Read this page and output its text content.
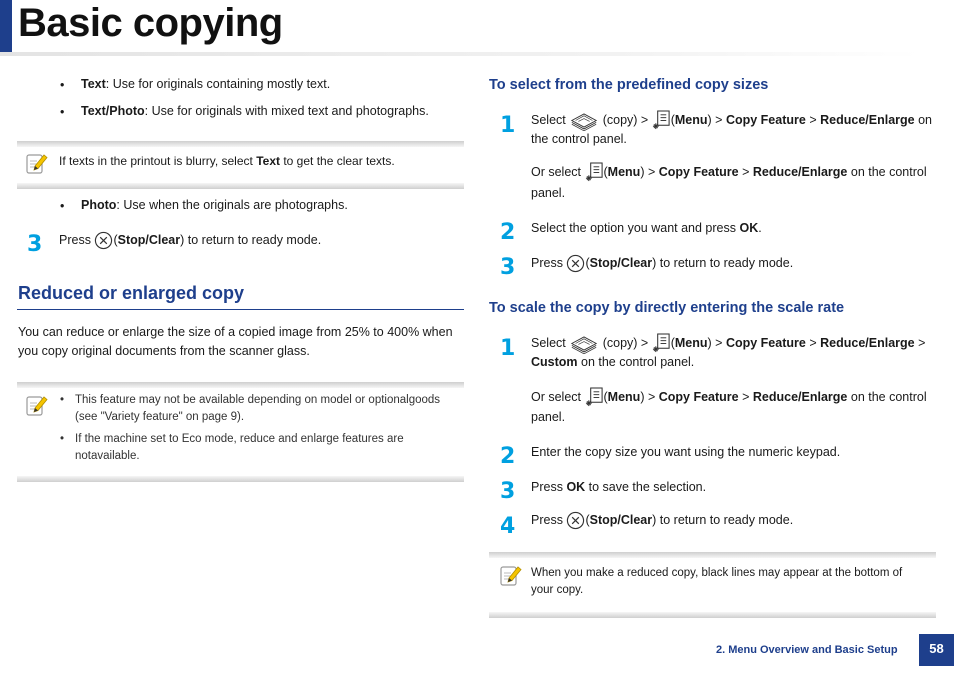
Basic copying
• Text: Use for originals containing mostly text.
• Text/Photo: Use for originals with mixed text and photographs.
If texts in the printout is blurry, select Text to get the clear texts.
• Photo: Use when the originals are photographs.
3 Press (Stop/Clear) to return to ready mode.
Reduced or enlarged copy
You can reduce or enlarge the size of a copied image from 25% to 400% when you copy original documents from the scanner glass.
• This feature may not be available depending on model or optionalgoods
(see "Variety feature" on page 9).
• If the machine set to Eco mode, reduce and enlarge features are
notavailable.
To select from the predefined copy sizes
1 Select	(copy) > (Menu) > Copy Feature > Reduce/Enlarge on
the control panel.
Or select (Menu) > Copy Feature > Reduce/Enlarge on the control
panel.
2 Select the option you want and press OK.
3 Press (Stop/Clear) to return to ready mode.
To scale the copy by directly entering the scale rate
1 Select	(copy) > (Menu) > Copy Feature > Reduce/Enlarge >
Custom on the control panel.
Or select (Menu) > Copy Feature > Reduce/Enlarge on the control
panel.
2 Enter the copy size you want using the numeric keypad.
3 Press OK to save the selection.
4 Press (Stop/Clear) to return to ready mode.
When you make a reduced copy, black lines may appear at the bottom of
your copy.
2. Menu Overview and Basic Setup	58
